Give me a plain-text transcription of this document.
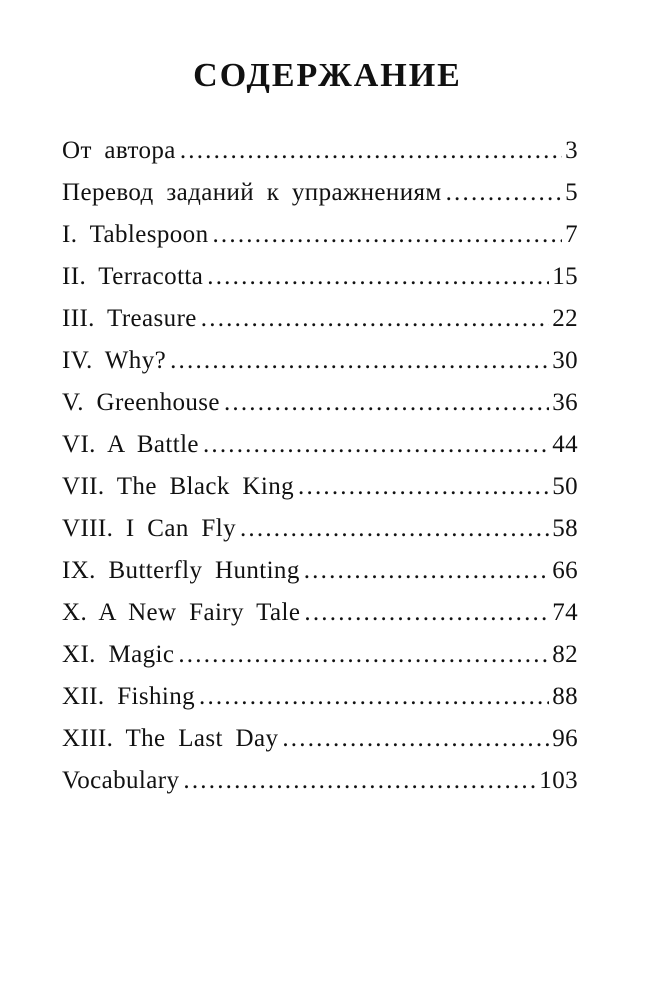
СОДЕРЖАНИЕ
От автора .....	3
Перевод заданий к упражнениям .....	5
I. Tablespoon .....	7
II. Terracotta .....	15
III. Treasure .....	22
IV. Why? .....	30
V. Greenhouse .....	36
VI. A Battle .....	44
VII. The Black King .....	50
VIII. I Can Fly .....	58
IX. Butterfly Hunting .....	66
X. A New Fairy Tale .....	74
XI. Magic .....	82
XII. Fishing .....	88
XIII. The Last Day .....	96
Vocabulary .....	103
